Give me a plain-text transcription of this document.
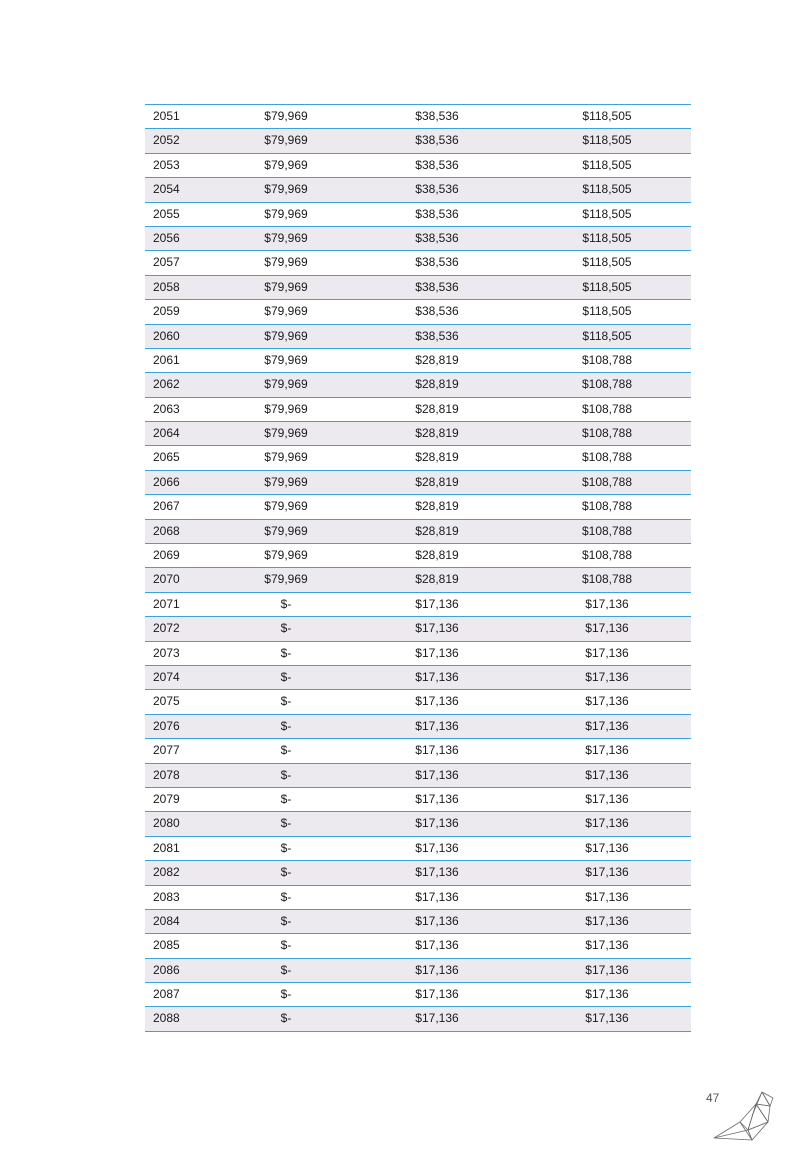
2051	$79,969	$38,536	$118,505
2052	$79,969	$38,536	$118,505
2053	$79,969	$38,536	$118,505
2054	$79,969	$38,536	$118,505
2055	$79,969	$38,536	$118,505
2056	$79,969	$38,536	$118,505
2057	$79,969	$38,536	$118,505
2058	$79,969	$38,536	$118,505
2059	$79,969	$38,536	$118,505
2060	$79,969	$38,536	$118,505
2061	$79,969	$28,819	$108,788
2062	$79,969	$28,819	$108,788
2063	$79,969	$28,819	$108,788
2064	$79,969	$28,819	$108,788
2065	$79,969	$28,819	$108,788
2066	$79,969	$28,819	$108,788
2067	$79,969	$28,819	$108,788
2068	$79,969	$28,819	$108,788
2069	$79,969	$28,819	$108,788
2070	$79,969	$28,819	$108,788
2071	$-	$17,136	$17,136
2072	$-	$17,136	$17,136
2073	$-	$17,136	$17,136
2074	$-	$17,136	$17,136
2075	$-	$17,136	$17,136
2076	$-	$17,136	$17,136
2077	$-	$17,136	$17,136
2078	$-	$17,136	$17,136
2079	$-	$17,136	$17,136
2080	$-	$17,136	$17,136
2081	$-	$17,136	$17,136
2082	$-	$17,136	$17,136
2083	$-	$17,136	$17,136
2084	$-	$17,136	$17,136
2085	$-	$17,136	$17,136
2086	$-	$17,136	$17,136
2087	$-	$17,136	$17,136
2088	$-	$17,136	$17,136
47
